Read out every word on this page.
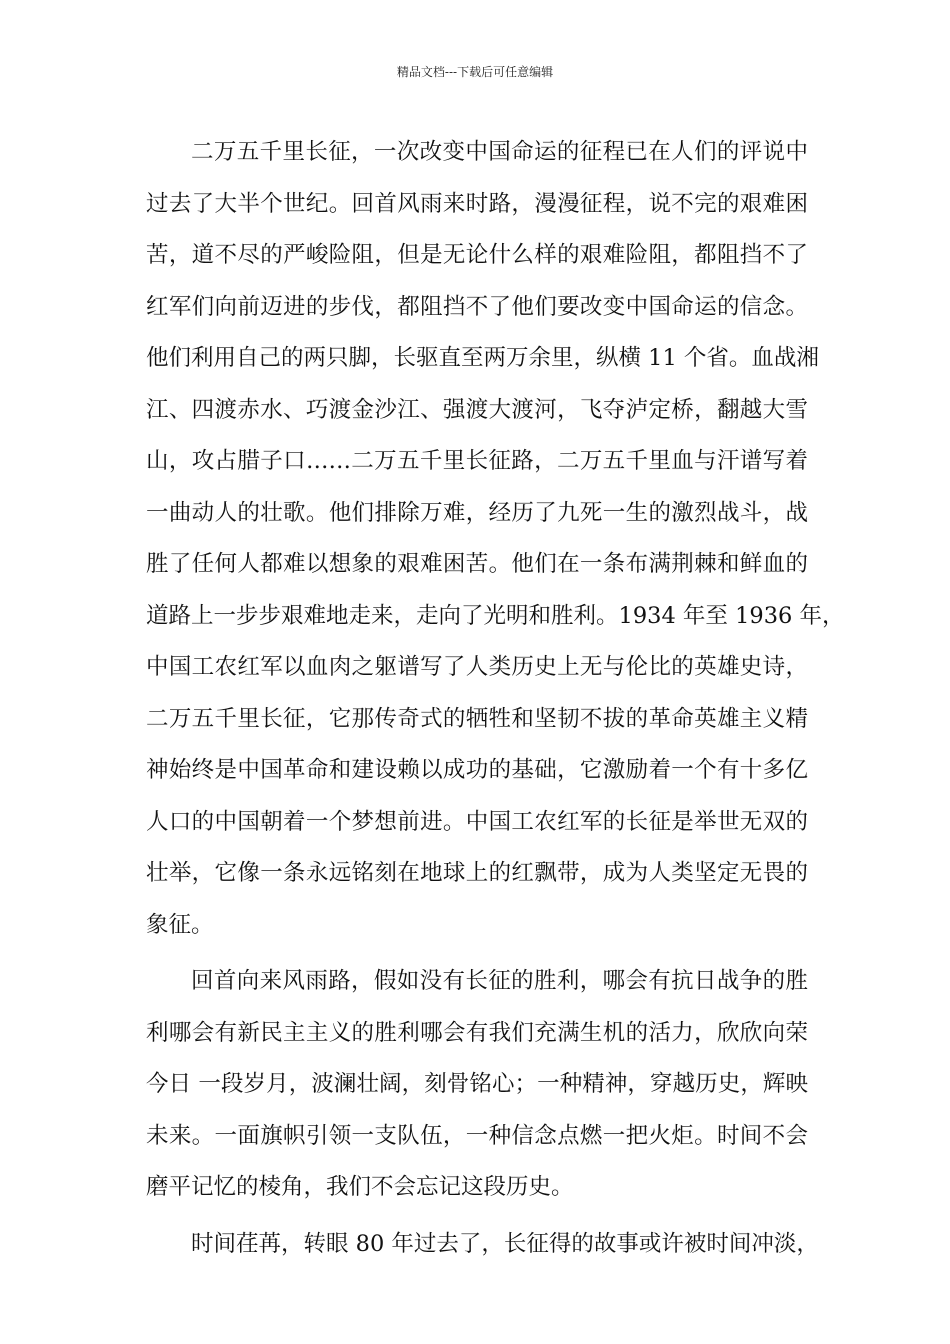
精品文档---下载后可任意编辑
二万五千里长征，一次改变中国命运的征程已在人们的评说中
过去了大半个世纪。回首风雨来时路，漫漫征程，说不完的艰难困
苦，道不尽的严峻险阻，但是无论什么样的艰难险阻，都阻挡不了
红军们向前迈进的步伐，都阻挡不了他们要改变中国命运的信念。
他们利用自己的两只脚，长驱直至两万余里，纵横 11 个省。血战湘
江、四渡赤水、巧渡金沙江、强渡大渡河，飞夺泸定桥，翻越大雪
山，攻占腊子口……二万五千里长征路，二万五千里血与汗谱写着
一曲动人的壮歌。他们排除万难，经历了九死一生的激烈战斗，战
胜了任何人都难以想象的艰难困苦。他们在一条布满荆棘和鲜血的
道路上一步步艰难地走来，走向了光明和胜利。1934 年至 1936 年，
中国工农红军以血肉之躯谱写了人类历史上无与伦比的英雄史诗，
二万五千里长征，它那传奇式的牺牲和坚韧不拔的革命英雄主义精
神始终是中国革命和建设赖以成功的基础，它激励着一个有十多亿
人口的中国朝着一个梦想前进。中国工农红军的长征是举世无双的
壮举，它像一条永远铭刻在地球上的红飘带，成为人类坚定无畏的
象征。
回首向来风雨路，假如没有长征的胜利，哪会有抗日战争的胜
利哪会有新民主主义的胜利哪会有我们充满生机的活力，欣欣向荣
今日 一段岁月，波澜壮阔，刻骨铭心；一种精神，穿越历史，辉映
未来。一面旗帜引领一支队伍，一种信念点燃一把火炬。时间不会
磨平记忆的棱角，我们不会忘记这段历史。
时间荏苒，转眼 80 年过去了，长征得的故事或许被时间冲淡，
